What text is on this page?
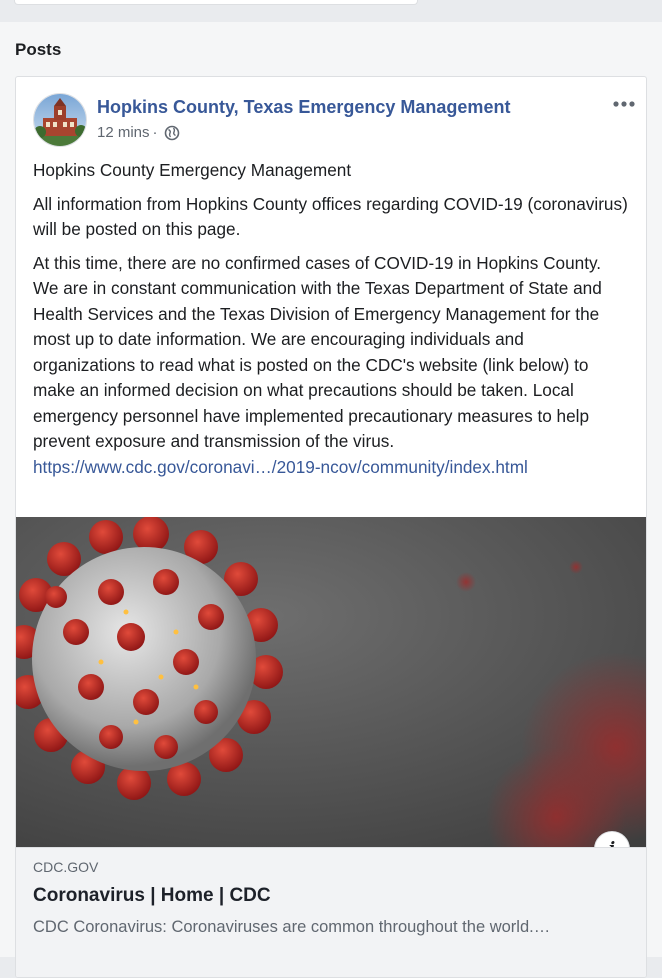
Posts
Hopkins County, Texas Emergency Management
12 mins ·

Hopkins County Emergency Management

All information from Hopkins County offices regarding COVID-19 (coronavirus) will be posted on this page.

At this time, there are no confirmed cases of COVID-19 in Hopkins County. We are in constant communication with the Texas Department of State and Health Services and the Texas Division of Emergency Management for the most up to date information. We are encouraging individuals and organizations to read what is posted on the CDC's website (link below) to make an informed decision on what precautions should be taken. Local emergency personnel have implemented precautionary measures to help prevent exposure and transmission of the virus.

https://www.cdc.gov/coronavi…/2019-ncov/community/index.html
CDC.GOV
Coronavirus | Home | CDC
CDC Coronavirus: Coronaviruses are common throughout the world.…
